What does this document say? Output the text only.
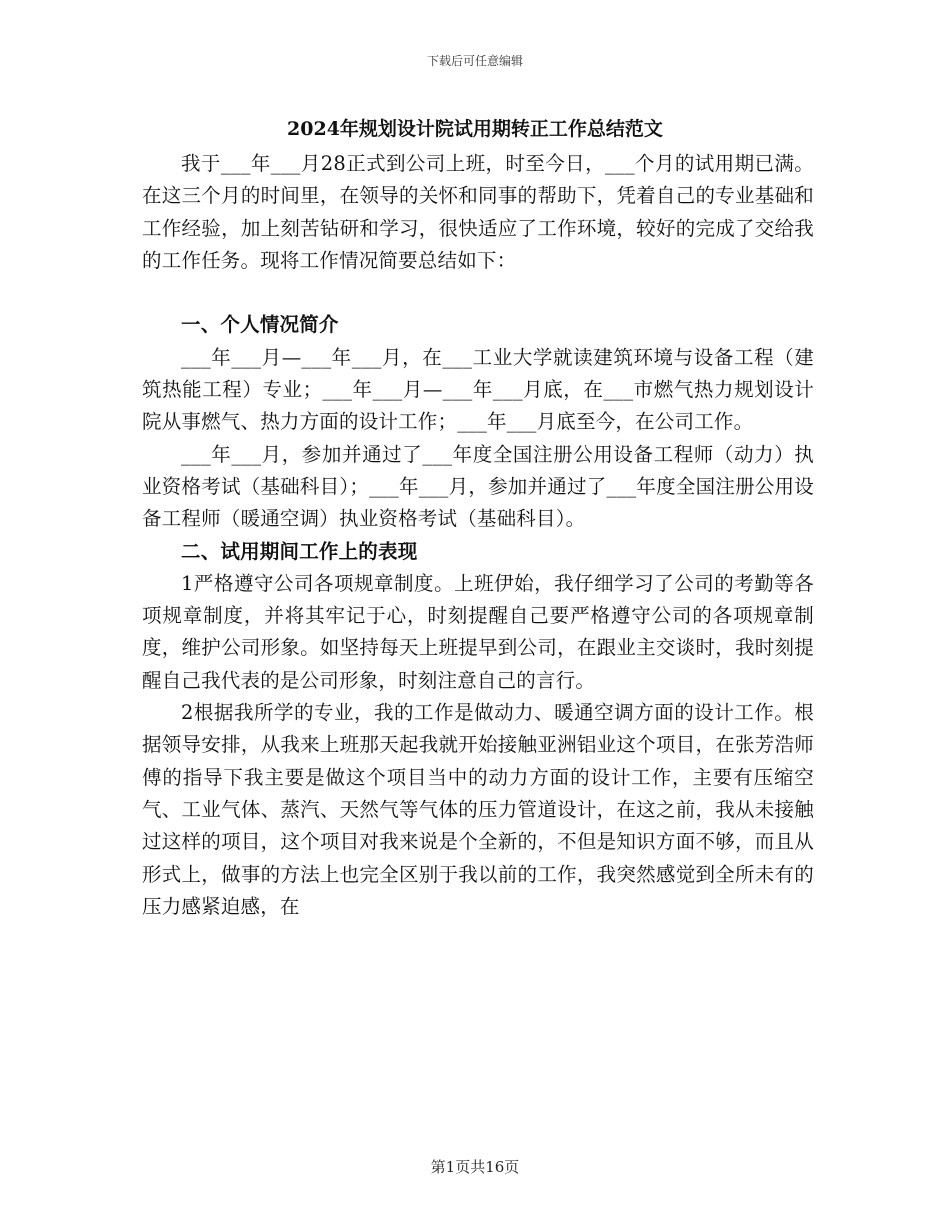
下载后可任意编辑
2024年规划设计院试用期转正工作总结范文

我于___年___月28正式到公司上班，时至今日，___个月的试用期已满。在这三个月的时间里，在领导的关怀和同事的帮助下，凭着自己的专业基础和工作经验，加上刻苦钻研和学习，很快适应了工作环境，较好的完成了交给我的工作任务。现将工作情况简要总结如下：

一、个人情况简介

___年___月—___年___月，在___工业大学就读建筑环境与设备工程（建筑热能工程）专业；___年___月—___年___月底，在___市燃气热力规划设计院从事燃气、热力方面的设计工作；___年___月底至今，在公司工作。

___年___月，参加并通过了___年度全国注册公用设备工程师（动力）执业资格考试（基础科目）；___年___月，参加并通过了___年度全国注册公用设备工程师（暖通空调）执业资格考试（基础科目）。

二、试用期间工作上的表现

1严格遵守公司各项规章制度。上班伊始，我仔细学习了公司的考勤等各项规章制度，并将其牢记于心，时刻提醒自己要严格遵守公司的各项规章制度，维护公司形象。如坚持每天上班提早到公司，在跟业主交谈时，我时刻提醒自己我代表的是公司形象，时刻注意自己的言行。

2根据我所学的专业，我的工作是做动力、暖通空调方面的设计工作。根据领导安排，从我来上班那天起我就开始接触亚洲铝业这个项目，在张芳浩师傅的指导下我主要是做这个项目当中的动力方面的设计工作，主要有压缩空气、工业气体、蒸汽、天然气等气体的压力管道设计，在这之前，我从未接触过这样的项目，这个项目对我来说是个全新的，不但是知识方面不够，而且从形式上，做事的方法上也完全区别于我以前的工作，我突然感觉到全所未有的压力感紧迫感，在

第1页共16页
